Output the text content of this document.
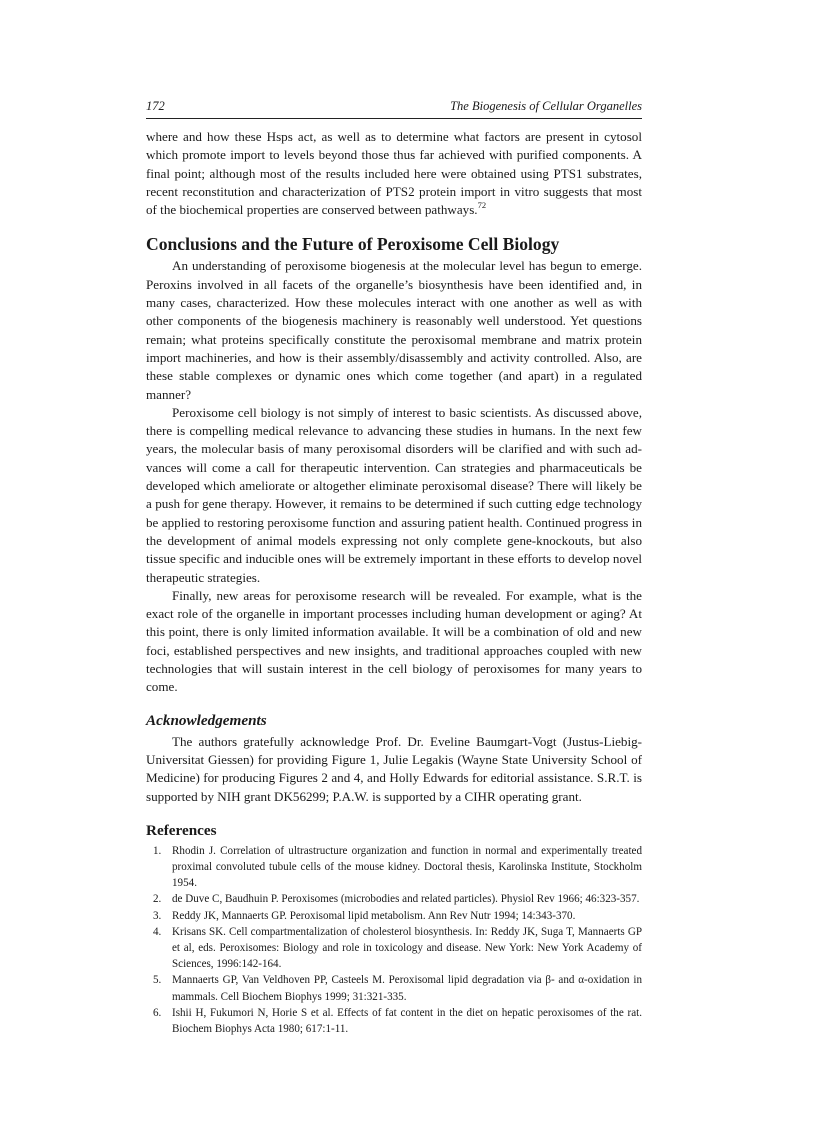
172	The Biogenesis of Cellular Organelles

where and how these Hsps act, as well as to determine what factors are present in cytosol which promote import to levels beyond those thus far achieved with purified components. A final point; although most of the results included here were obtained using PTS1 substrates, recent reconstitution and characterization of PTS2 protein import in vitro suggests that most of the biochemical properties are conserved between pathways.$^{72}$

Conclusions and the Future of Peroxisome Cell Biology

An understanding of peroxisome biogenesis at the molecular level has begun to emerge. Peroxins involved in all facets of the organelle’s biosynthesis have been identified and, in many cases, characterized. How these molecules interact with one another as well as with other components of the biogenesis machinery is reasonably well understood. Yet questions remain; what proteins specifically constitute the peroxisomal membrane and matrix protein import machineries, and how is their assembly/disassembly and activity controlled. Also, are these stable complexes or dynamic ones which come together (and apart) in a regulated manner?

Peroxisome cell biology is not simply of interest to basic scientists. As discussed above, there is compelling medical relevance to advancing these studies in humans. In the next few years, the molecular basis of many peroxisomal disorders will be clarified and with such advances will come a call for therapeutic intervention. Can strategies and pharmaceuticals be developed which ameliorate or altogether eliminate peroxisomal disease? There will likely be a push for gene therapy. However, it remains to be determined if such cutting edge technology be applied to restoring peroxisome function and assuring patient health. Continued progress in the development of animal models expressing not only complete gene-knockouts, but also tissue specific and inducible ones will be extremely important in these efforts to develop novel therapeutic strategies.

Finally, new areas for peroxisome research will be revealed. For example, what is the exact role of the organelle in important processes including human development or aging? At this point, there is only limited information available. It will be a combination of old and new foci, established perspectives and new insights, and traditional approaches coupled with new technologies that will sustain interest in the cell biology of peroxisomes for many years to come.

Acknowledgements

The authors gratefully acknowledge Prof. Dr. Eveline Baumgart-Vogt (Justus-Liebig-Universitat Giessen) for providing Figure 1, Julie Legakis (Wayne State University School of Medicine) for producing Figures 2 and 4, and Holly Edwards for editorial assistance. S.R.T. is supported by NIH grant DK56299; P.A.W. is supported by a CIHR operating grant.

References
1. Rhodin J. Correlation of ultrastructure organization and function in normal and experimentally treated proximal convoluted tubule cells of the mouse kidney. Doctoral thesis, Karolinska Institute, Stockholm 1954.
2. de Duve C, Baudhuin P. Peroxisomes (microbodies and related particles). Physiol Rev 1966; 46:323-357.
3. Reddy JK, Mannaerts GP. Peroxisomal lipid metabolism. Ann Rev Nutr 1994; 14:343-370.
4. Krisans SK. Cell compartmentalization of cholesterol biosynthesis. In: Reddy JK, Suga T, Mannaerts GP et al, eds. Peroxisomes: Biology and role in toxicology and disease. New York: New York Academy of Sciences, 1996:142-164.
5. Mannaerts GP, Van Veldhoven PP, Casteels M. Peroxisomal lipid degradation via β- and α-oxidation in mammals. Cell Biochem Biophys 1999; 31:321-335.
6. Ishii H, Fukumori N, Horie S et al. Effects of fat content in the diet on hepatic peroxisomes of the rat. Biochem Biophys Acta 1980; 617:1-11.
